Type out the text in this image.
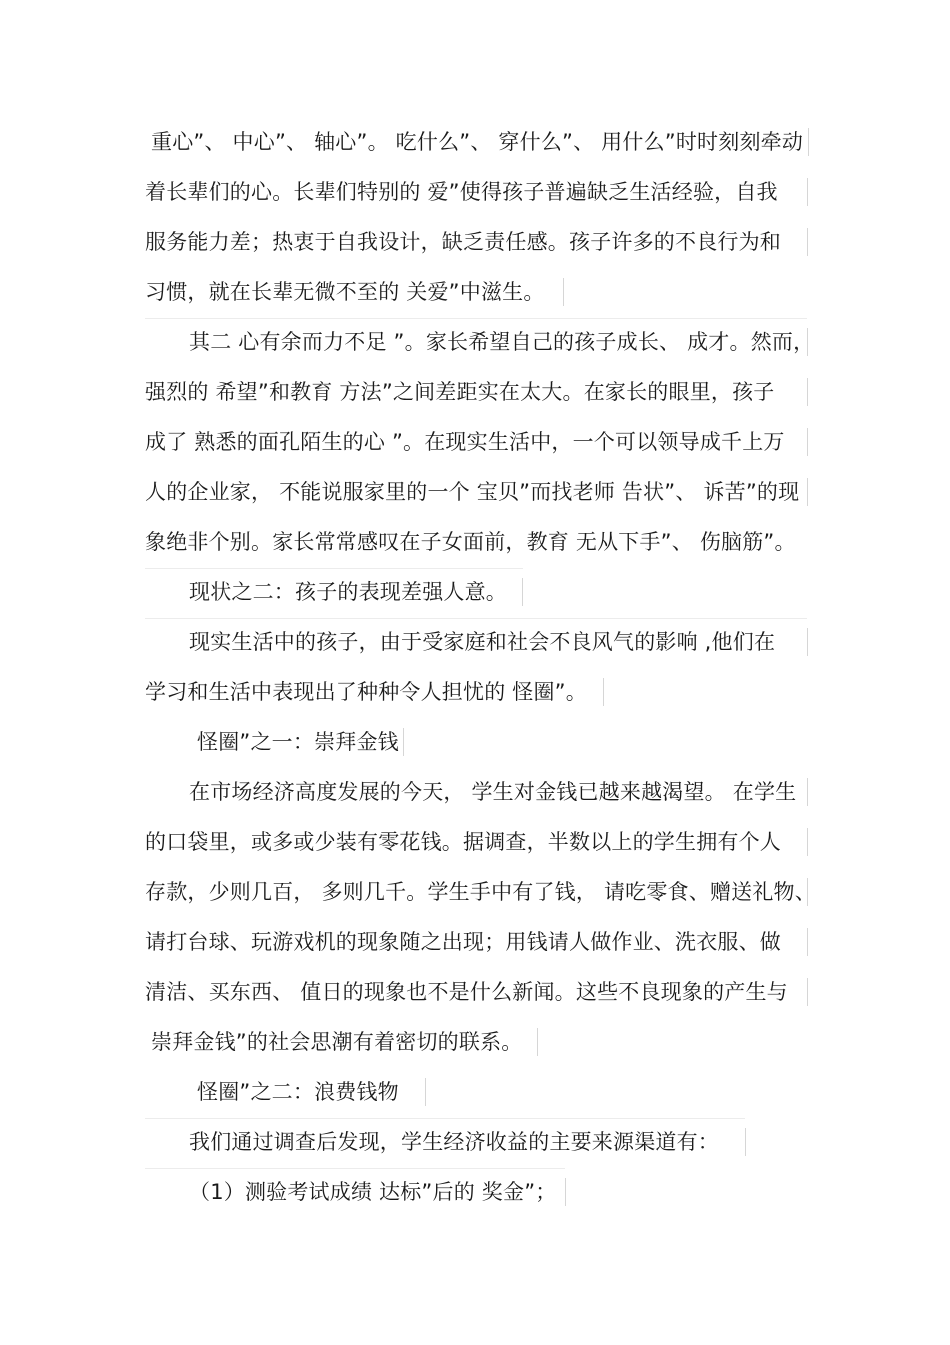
重心”、 中心”、 轴心”。 吃什么”、 穿什么”、 用什么”时时刻刻牵动
着长辈们的心。长辈们特别的 爱”使得孩子普遍缺乏生活经验，自我
服务能力差；热衷于自我设计，缺乏责任感。孩子许多的不良行为和
习惯，就在长辈无微不至的 关爱”中滋生。
其二 心有余而力不足 ”。家长希望自己的孩子成长、 成才。然而，
强烈的 希望”和教育 方法”之间差距实在太大。在家长的眼里，孩子
成了 熟悉的面孔陌生的心 ”。在现实生活中，一个可以领导成千上万
人的企业家， 不能说服家里的一个 宝贝”而找老师 告状”、 诉苦”的现
象绝非个别。家长常常感叹在子女面前，教育 无从下手”、 伤脑筋”。
现状之二：孩子的表现差强人意。
现实生活中的孩子，由于受家庭和社会不良风气的影响 ,他们在
学习和生活中表现出了种种令人担忧的 怪圈”。
怪圈”之一：崇拜金钱
在市场经济高度发展的今天， 学生对金钱已越来越渴望。 在学生
的口袋里，或多或少装有零花钱。据调查，半数以上的学生拥有个人
存款，少则几百， 多则几千。学生手中有了钱， 请吃零食、赠送礼物、
请打台球、玩游戏机的现象随之出现；用钱请人做作业、洗衣服、做
清洁、买东西、 值日的现象也不是什么新闻。这些不良现象的产生与
崇拜金钱”的社会思潮有着密切的联系。
怪圈”之二：浪费钱物
我们通过调查后发现，学生经济收益的主要来源渠道有：
（1）测验考试成绩 达标”后的 奖金”；
